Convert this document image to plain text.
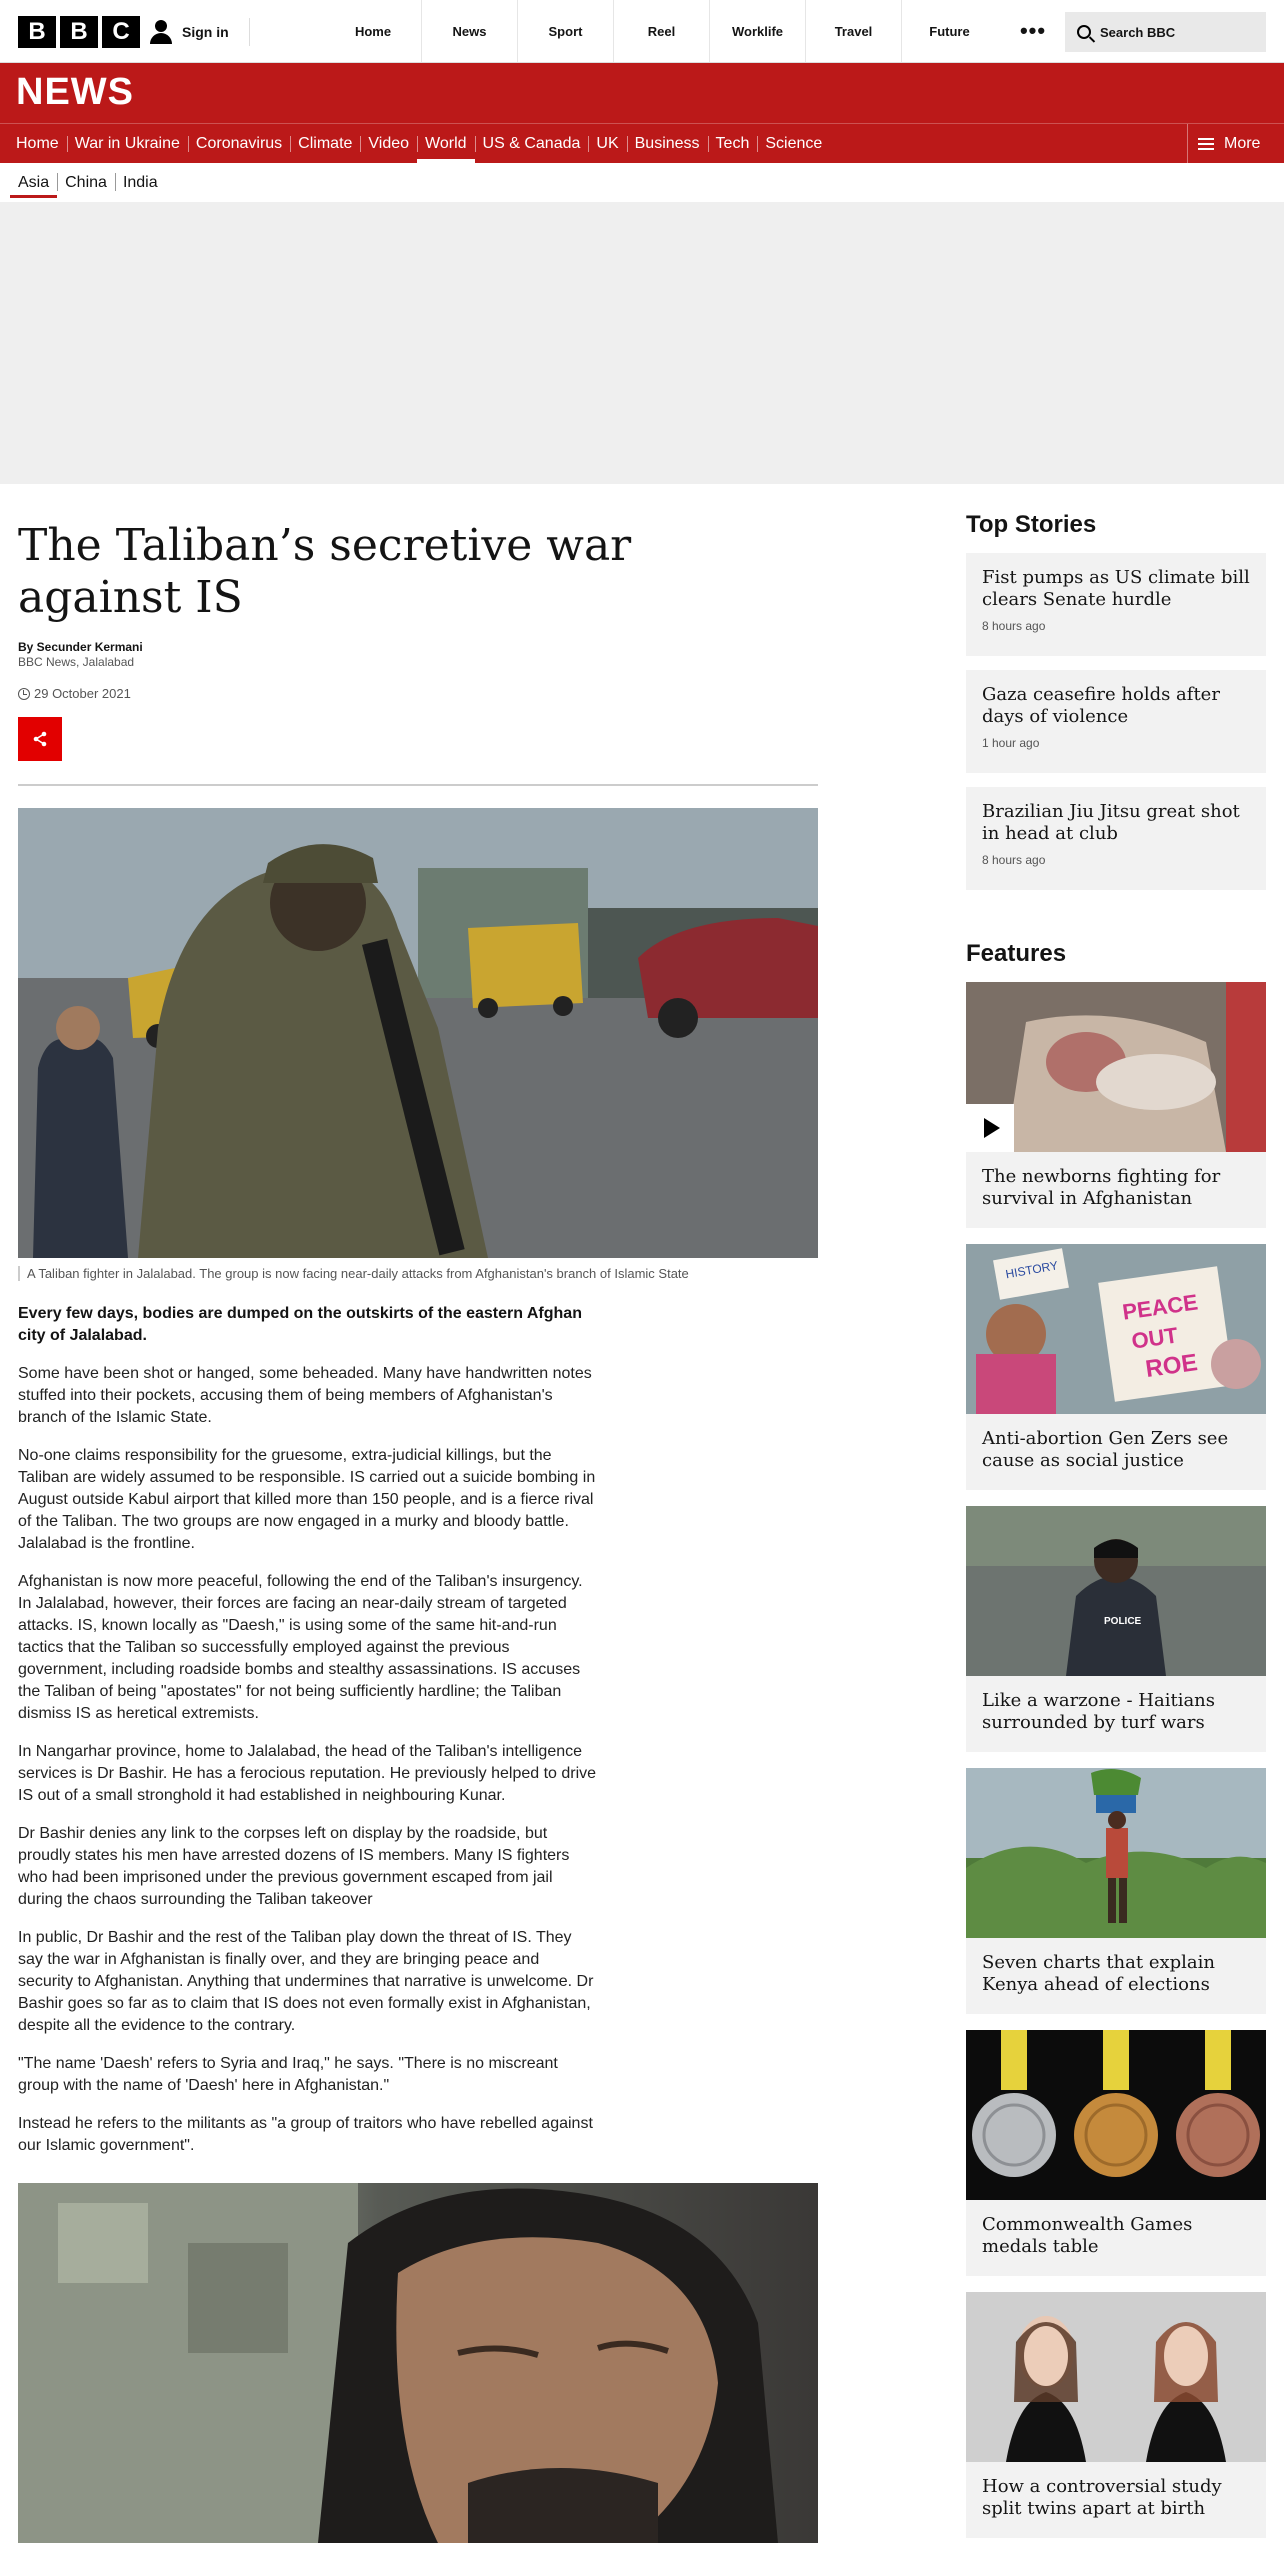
B	B	C	Sign in	Home	News	Sport	Reel	Worklife	Travel	Future	•••	Search BBC
NEWS
Home	War in Ukraine	Coronavirus	Climate	Video	World	US & Canada	UK	Business	Tech	Science	More
Asia	China	India
The Taliban’s secretive war against IS
By Secunder Kermani
BBC News, Jalalabad
29 October 2021
A Taliban fighter in Jalalabad. The group is now facing near-daily attacks from Afghanistan's branch of Islamic State

Every few days, bodies are dumped on the outskirts of the eastern Afghan city of Jalalabad.

Some have been shot or hanged, some beheaded. Many have handwritten notes stuffed into their pockets, accusing them of being members of Afghanistan's branch of the Islamic State.

No-one claims responsibility for the gruesome, extra-judicial killings, but the Taliban are widely assumed to be responsible. IS carried out a suicide bombing in August outside Kabul airport that killed more than 150 people, and is a fierce rival of the Taliban. The two groups are now engaged in a murky and bloody battle. Jalalabad is the frontline.

Afghanistan is now more peaceful, following the end of the Taliban's insurgency. In Jalalabad, however, their forces are facing an near-daily stream of targeted attacks. IS, known locally as "Daesh," is using some of the same hit-and-run tactics that the Taliban so successfully employed against the previous government, including roadside bombs and stealthy assassinations. IS accuses the Taliban of being "apostates" for not being sufficiently hardline; the Taliban dismiss IS as heretical extremists.

In Nangarhar province, home to Jalalabad, the head of the Taliban's intelligence services is Dr Bashir. He has a ferocious reputation. He previously helped to drive IS out of a small stronghold it had established in neighbouring Kunar.

Dr Bashir denies any link to the corpses left on display by the roadside, but proudly states his men have arrested dozens of IS members. Many IS fighters who had been imprisoned under the previous government escaped from jail during the chaos surrounding the Taliban takeover

In public, Dr Bashir and the rest of the Taliban play down the threat of IS. They say the war in Afghanistan is finally over, and they are bringing peace and security to Afghanistan. Anything that undermines that narrative is unwelcome. Dr Bashir goes so far as to claim that IS does not even formally exist in Afghanistan, despite all the evidence to the contrary.

"The name 'Daesh' refers to Syria and Iraq," he says. "There is no miscreant group with the name of 'Daesh' here in Afghanistan."

Instead he refers to the militants as "a group of traitors who have rebelled against our Islamic government".

Top Stories
Fist pumps as US climate bill clears Senate hurdle
8 hours ago
Gaza ceasefire holds after days of violence
1 hour ago
Brazilian Jiu Jitsu great shot in head at club
8 hours ago
Features
The newborns fighting for survival in Afghanistan
HISTORY
PEACE
OUT
ROE
Anti-abortion Gen Zers see cause as social justice
POLICE
Like a warzone - Haitians surrounded by turf wars
Seven charts that explain Kenya ahead of elections
Commonwealth Games medals table
How a controversial study split twins apart at birth
